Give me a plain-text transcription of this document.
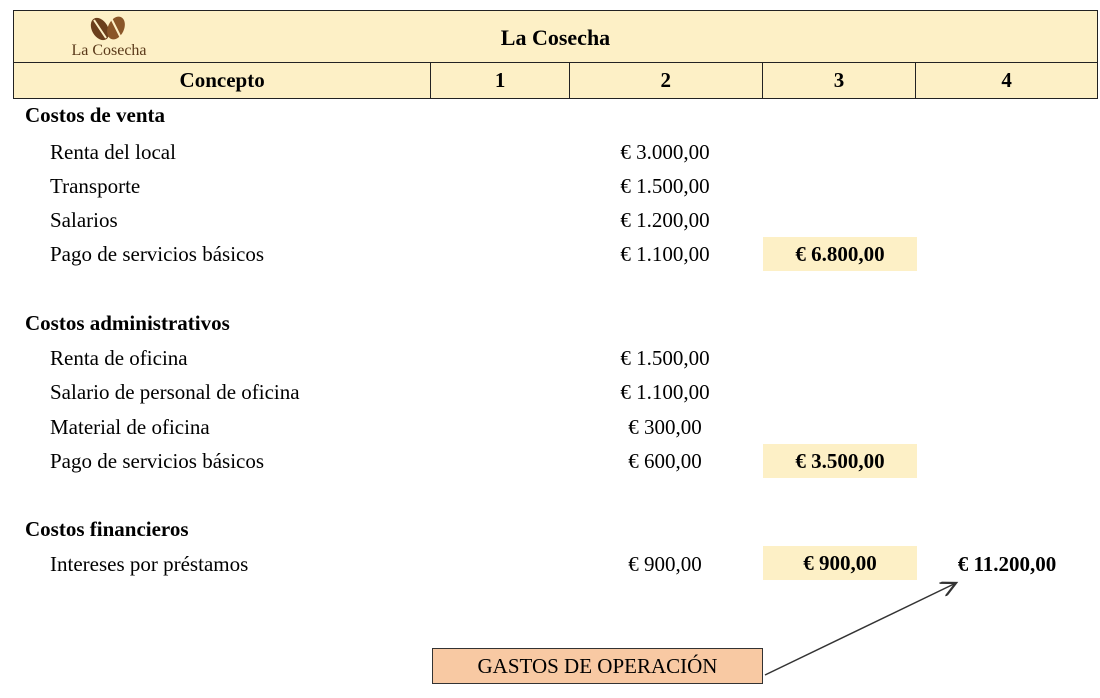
La Cosecha
La Cosecha
Concepto	1	2	3	4
Costos de venta
Renta del local	€ 3.000,00
Transporte	€ 1.500,00
Salarios	€ 1.200,00
Pago de servicios básicos	€ 1.100,00	€ 6.800,00
Costos administrativos
Renta de oficina	€ 1.500,00
Salario de personal de oficina	€ 1.100,00
Material de oficina	€ 300,00
Pago de servicios básicos	€ 600,00	€ 3.500,00
Costos financieros
Intereses por préstamos	€ 900,00	€ 900,00	€ 11.200,00
GASTOS DE OPERACIÓN
